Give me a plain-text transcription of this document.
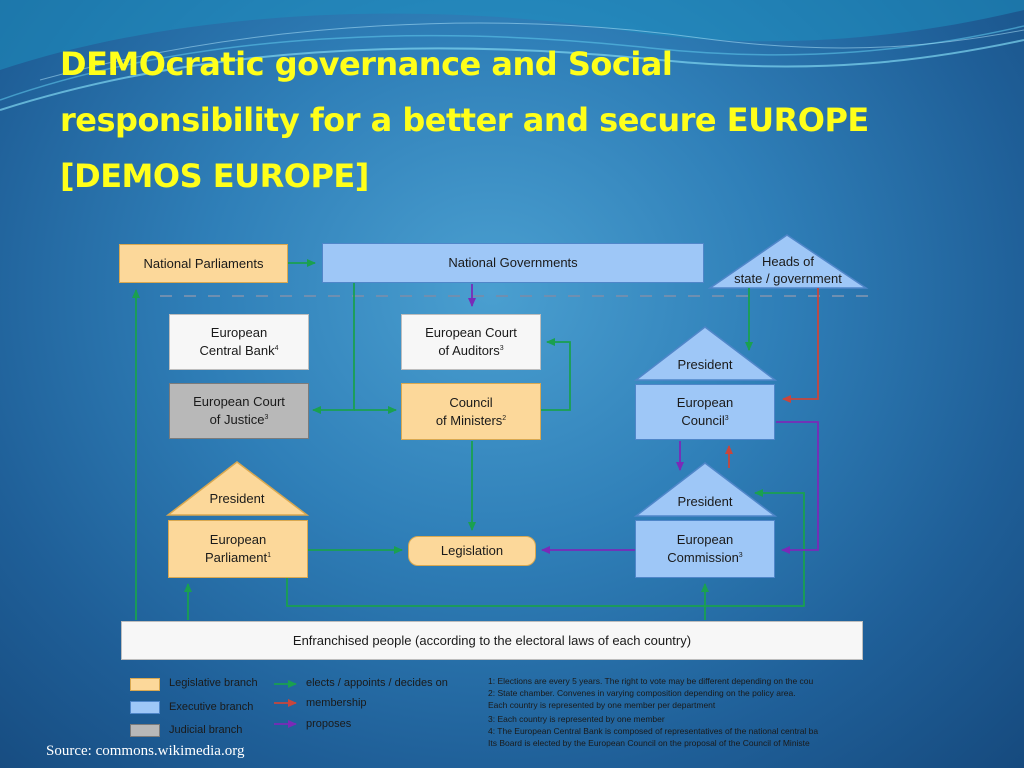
DEMOcratic governance and Social
responsibility for a better and secure EUROPE
[DEMOS EUROPE]
National Parliaments	National Governments	Heads of
state / government
European
Central Bank$^4$
European Court
of Auditors$^3$
European Court
of Justice$^3$
Council
of Ministers$^2$
President
European
Council$^3$
President
European
Parliament$^1$	Legislation
President
European
Commission$^3$
Enfranchised people (according to the electoral laws of each country)
Legislative branch
Executive branch
Judicial branch
elects / appoints / decides on
membership
proposes
1: Elections are every 5 years. The right to vote may be different depending on the cou
2: State chamber. Convenes in varying composition depending on the policy area.
Each country is represented by one member per department
3: Each country is represented by one member
4: The European Central Bank is composed of representatives of the national central ba
Its Board is elected by the European Council on the proposal of the Council of Ministe
Source: commons.wikimedia.org
